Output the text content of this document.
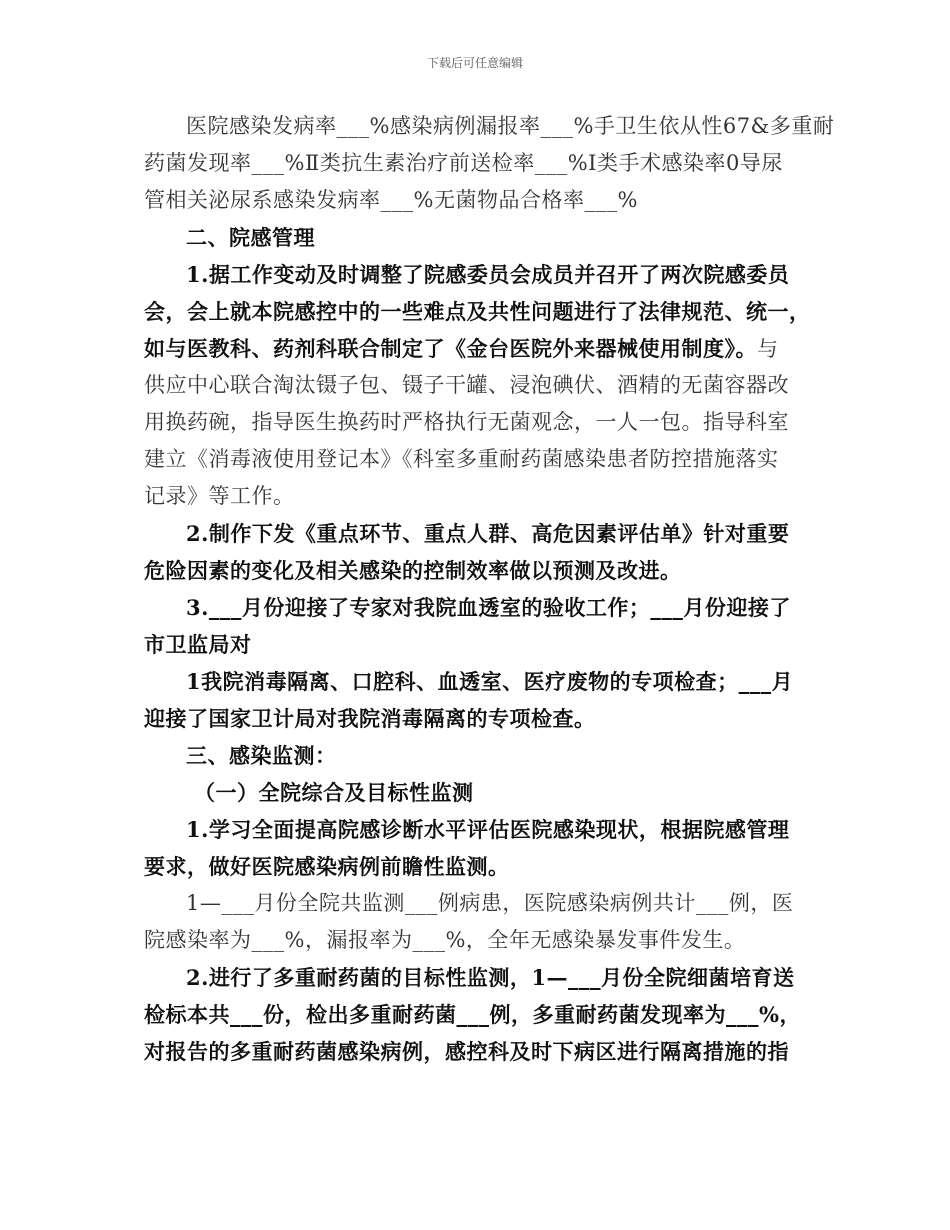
下载后可任意编辑
医院感染发病率___%感染病例漏报率___%手卫生依从性67&多重耐
药菌发现率___%Ⅱ类抗生素治疗前送检率___%Ⅰ类手术感染率0导尿
管相关泌尿系感染发病率___%无菌物品合格率___%
二、院感管理
1.据工作变动及时调整了院感委员会成员并召开了两次院感委员
会，会上就本院感控中的一些难点及共性问题进行了法律规范、统一，
如与医教科、药剂科联合制定了《金台医院外来器械使用制度》。与
供应中心联合淘汰镊子包、镊子干罐、浸泡碘伏、酒精的无菌容器改
用换药碗，指导医生换药时严格执行无菌观念，一人一包。指导科室
建立《消毒液使用登记本》《科室多重耐药菌感染患者防控措施落实
记录》等工作。
2.制作下发《重点环节、重点人群、高危因素评估单》针对重要
危险因素的变化及相关感染的控制效率做以预测及改进。
3.___月份迎接了专家对我院血透室的验收工作；___月份迎接了
市卫监局对
1我院消毒隔离、口腔科、血透室、医疗废物的专项检查；___月
迎接了国家卫计局对我院消毒隔离的专项检查。
三、感染监测：
（一）全院综合及目标性监测
1.学习全面提高院感诊断水平评估医院感染现状，根据院感管理
要求，做好医院感染病例前瞻性监测。
1—___月份全院共监测___例病患，医院感染病例共计___例，医
院感染率为___%，漏报率为___%，全年无感染暴发事件发生。
2.进行了多重耐药菌的目标性监测，1—___月份全院细菌培育送
检标本共___份，检出多重耐药菌___例，多重耐药菌发现率为___%，
对报告的多重耐药菌感染病例，感控科及时下病区进行隔离措施的指
